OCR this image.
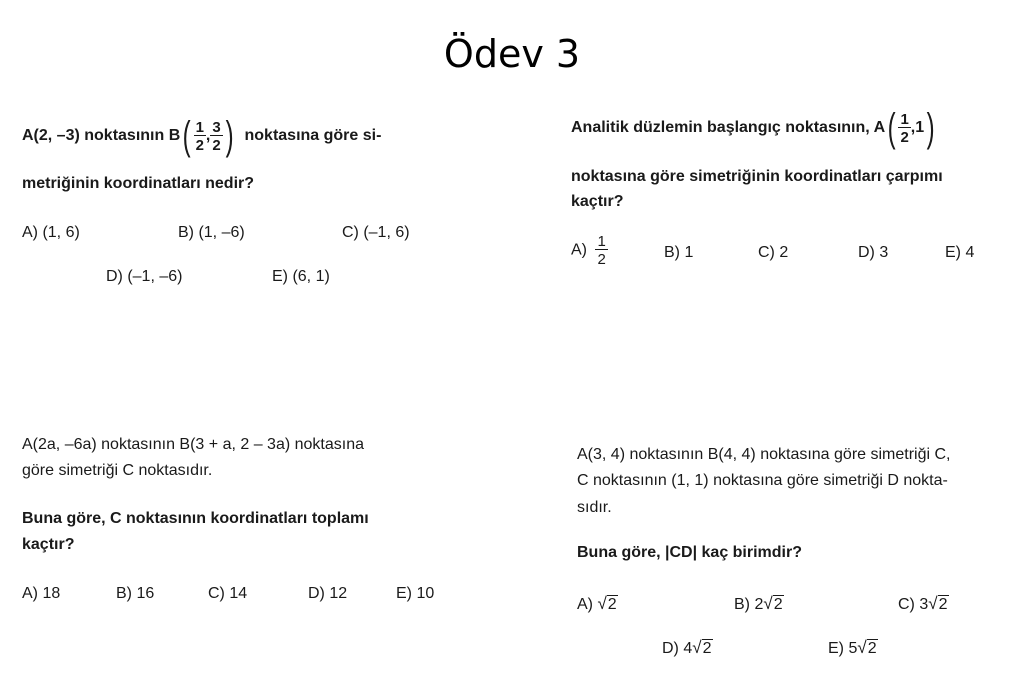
Ödev 3
A(2, –3) noktasının $B( \frac{1}{2}$ , $\frac{3}{2}$ ) noktasına göre si-
metriğinin koordinatları nedir?
A) (1, 6)	B) (1, –6)	C) (–1, 6)
D) (–1, –6)	E) (6, 1)
Analitik düzlemin başlangıç noktasının, $A( \frac{1}{2} ,1)$
noktasına göre simetriğinin koordinatları çarpımı
kaçtır?
$A) \frac{1}{2}$	B) 1	C) 2	D) 3	E) 4
A(2a, –6a) noktasının B(3 + a, 2 – 3a) noktasına
göre simetriği C noktasıdır.
Buna göre, C noktasının koordinatları toplamı
kaçtır?
A) 18	B) 16	C) 14	D) 12	E) 10
A(3, 4) noktasının B(4, 4) noktasına göre simetriği C,
C noktasının (1, 1) noktasına göre simetriği D nokta-
sıdır.
Buna göre, |CD| kaç birimdir?
A) √2	B) 2√2	C) 3√2
D) 4√2	E) 5√2
